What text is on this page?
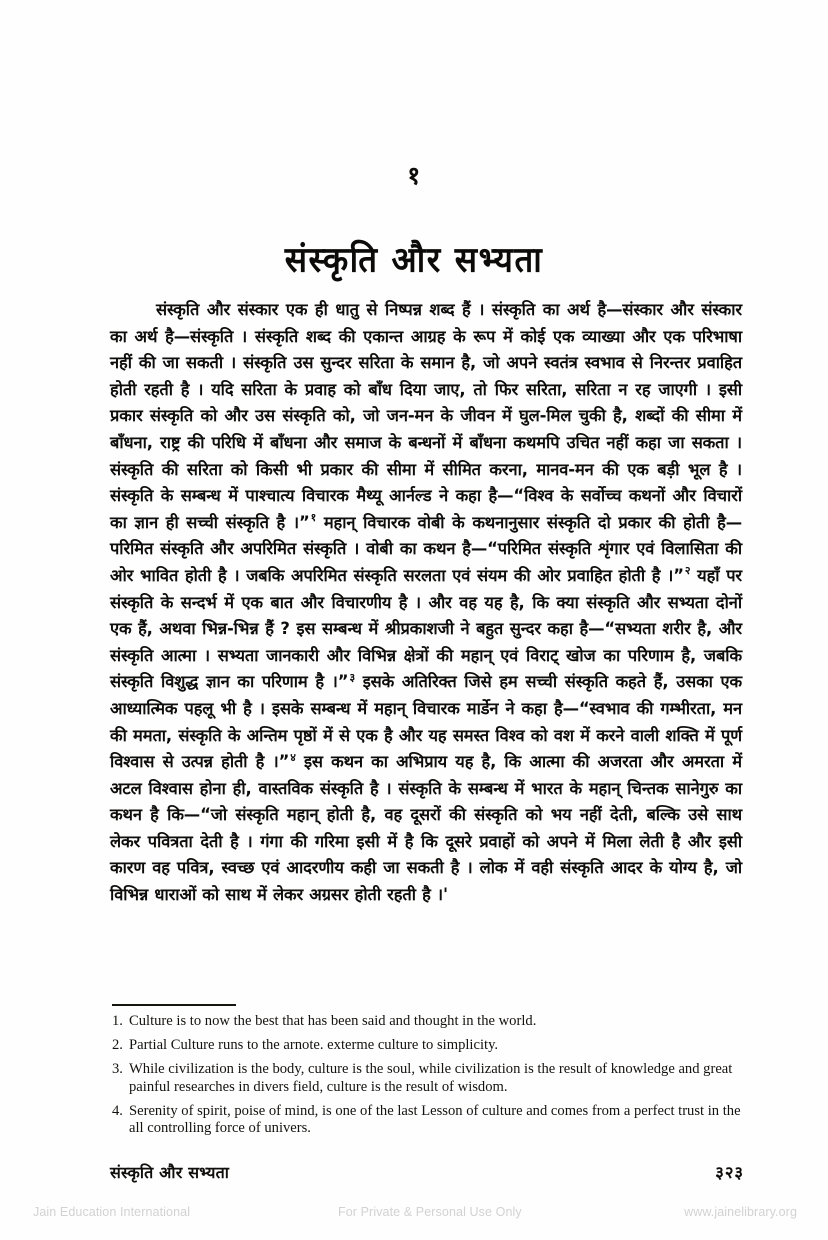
१
संस्कृति और सभ्यता

संस्कृति और संस्कार एक ही धातु से निष्पन्न शब्द हैं । संस्कृति का अर्थ है—संस्कार और संस्कार का अर्थ है—संस्कृति । संस्कृति शब्द की एकान्त आग्रह के रूप में कोई एक व्याख्या और एक परिभाषा नहीं की जा सकती । संस्कृति उस सुन्दर सरिता के समान है, जो अपने स्वतंत्र स्वभाव से निरन्तर प्रवाहित होती रहती है । यदि सरिता के प्रवाह को बाँध दिया जाए, तो फिर सरिता, सरिता न रह जाएगी । इसी प्रकार संस्कृति को और उस संस्कृति को, जो जन-मन के जीवन में घुल-मिल चुकी है, शब्दों की सीमा में बाँधना, राष्ट्र की परिधि में बाँधना और समाज के बन्धनों में बाँधना कथमपि उचित नहीं कहा जा सकता । संस्कृति की सरिता को किसी भी प्रकार की सीमा में सीमित करना, मानव-मन की एक बड़ी भूल है । संस्कृति के सम्बन्ध में पाश्चात्य विचारक मैथ्यू आर्नल्ड ने कहा है—“विश्व के सर्वोच्च कथनों और विचारों का ज्ञान ही सच्ची संस्कृति है ।”$^१$ महान् विचारक वोबी के कथनानुसार संस्कृति दो प्रकार की होती है—परिमित संस्कृति और अपरिमित संस्कृति । वोबी का कथन है—“परिमित संस्कृति शृंगार एवं विलासिता की ओर भावित होती है । जबकि अपरिमित संस्कृति सरलता एवं संयम की ओर प्रवाहित होती है ।”$^२$ यहाँ पर संस्कृति के सन्दर्भ में एक बात और विचारणीय है । और वह यह है, कि क्या संस्कृति और सभ्यता दोनों एक हैं, अथवा भिन्न-भिन्न हैं ? इस सम्बन्ध में श्रीप्रकाशजी ने बहुत सुन्दर कहा है—“सभ्यता शरीर है, और संस्कृति आत्मा । सभ्यता जानकारी और विभिन्न क्षेत्रों की महान् एवं विराट् खोज का परिणाम है, जबकि संस्कृति विशुद्ध ज्ञान का परिणाम है ।”$^३$ इसके अतिरिक्त जिसे हम सच्ची संस्कृति कहते हैं, उसका एक आध्यात्मिक पहलू भी है । इसके सम्बन्ध में महान् विचारक मार्डेन ने कहा है—“स्वभाव की गम्भीरता, मन की ममता, संस्कृति के अन्तिम पृष्ठों में से एक है और यह समस्त विश्व को वश में करने वाली शक्ति में पूर्ण विश्वास से उत्पन्न होती है ।”$^४$ इस कथन का अभिप्राय यह है, कि आत्मा की अजरता और अमरता में अटल विश्वास होना ही, वास्तविक संस्कृति है । संस्कृति के सम्बन्ध में भारत के महान् चिन्तक सानेगुरु का कथन है कि—“जो संस्कृति महान् होती है, वह दूसरों की संस्कृति को भय नहीं देती, बल्कि उसे साथ लेकर पवित्रता देती है । गंगा की गरिमा इसी में है कि दूसरे प्रवाहों को अपने में मिला लेती है और इसी कारण वह पवित्र, स्वच्छ एवं आदरणीय कही जा सकती है । लोक में वही संस्कृति आदर के योग्य है, जो विभिन्न धाराओं को साथ में लेकर अग्रसर होती रहती है ।'

1. Culture is to now the best that has been said and thought in the world.
2. Partial Culture runs to the arnote. exterme culture to simplicity.
3. While civilization is the body, culture is the soul, while civilization is the result of knowledge and great painful researches in divers field, culture is the result of wisdom.
4. Serenity of spirit, poise of mind, is one of the last Lesson of culture and comes from a perfect trust in the all controlling force of univers.
संस्कृति और सभ्यता	३२३
Jain Education International	For Private & Personal Use Only	www.jainelibrary.org
